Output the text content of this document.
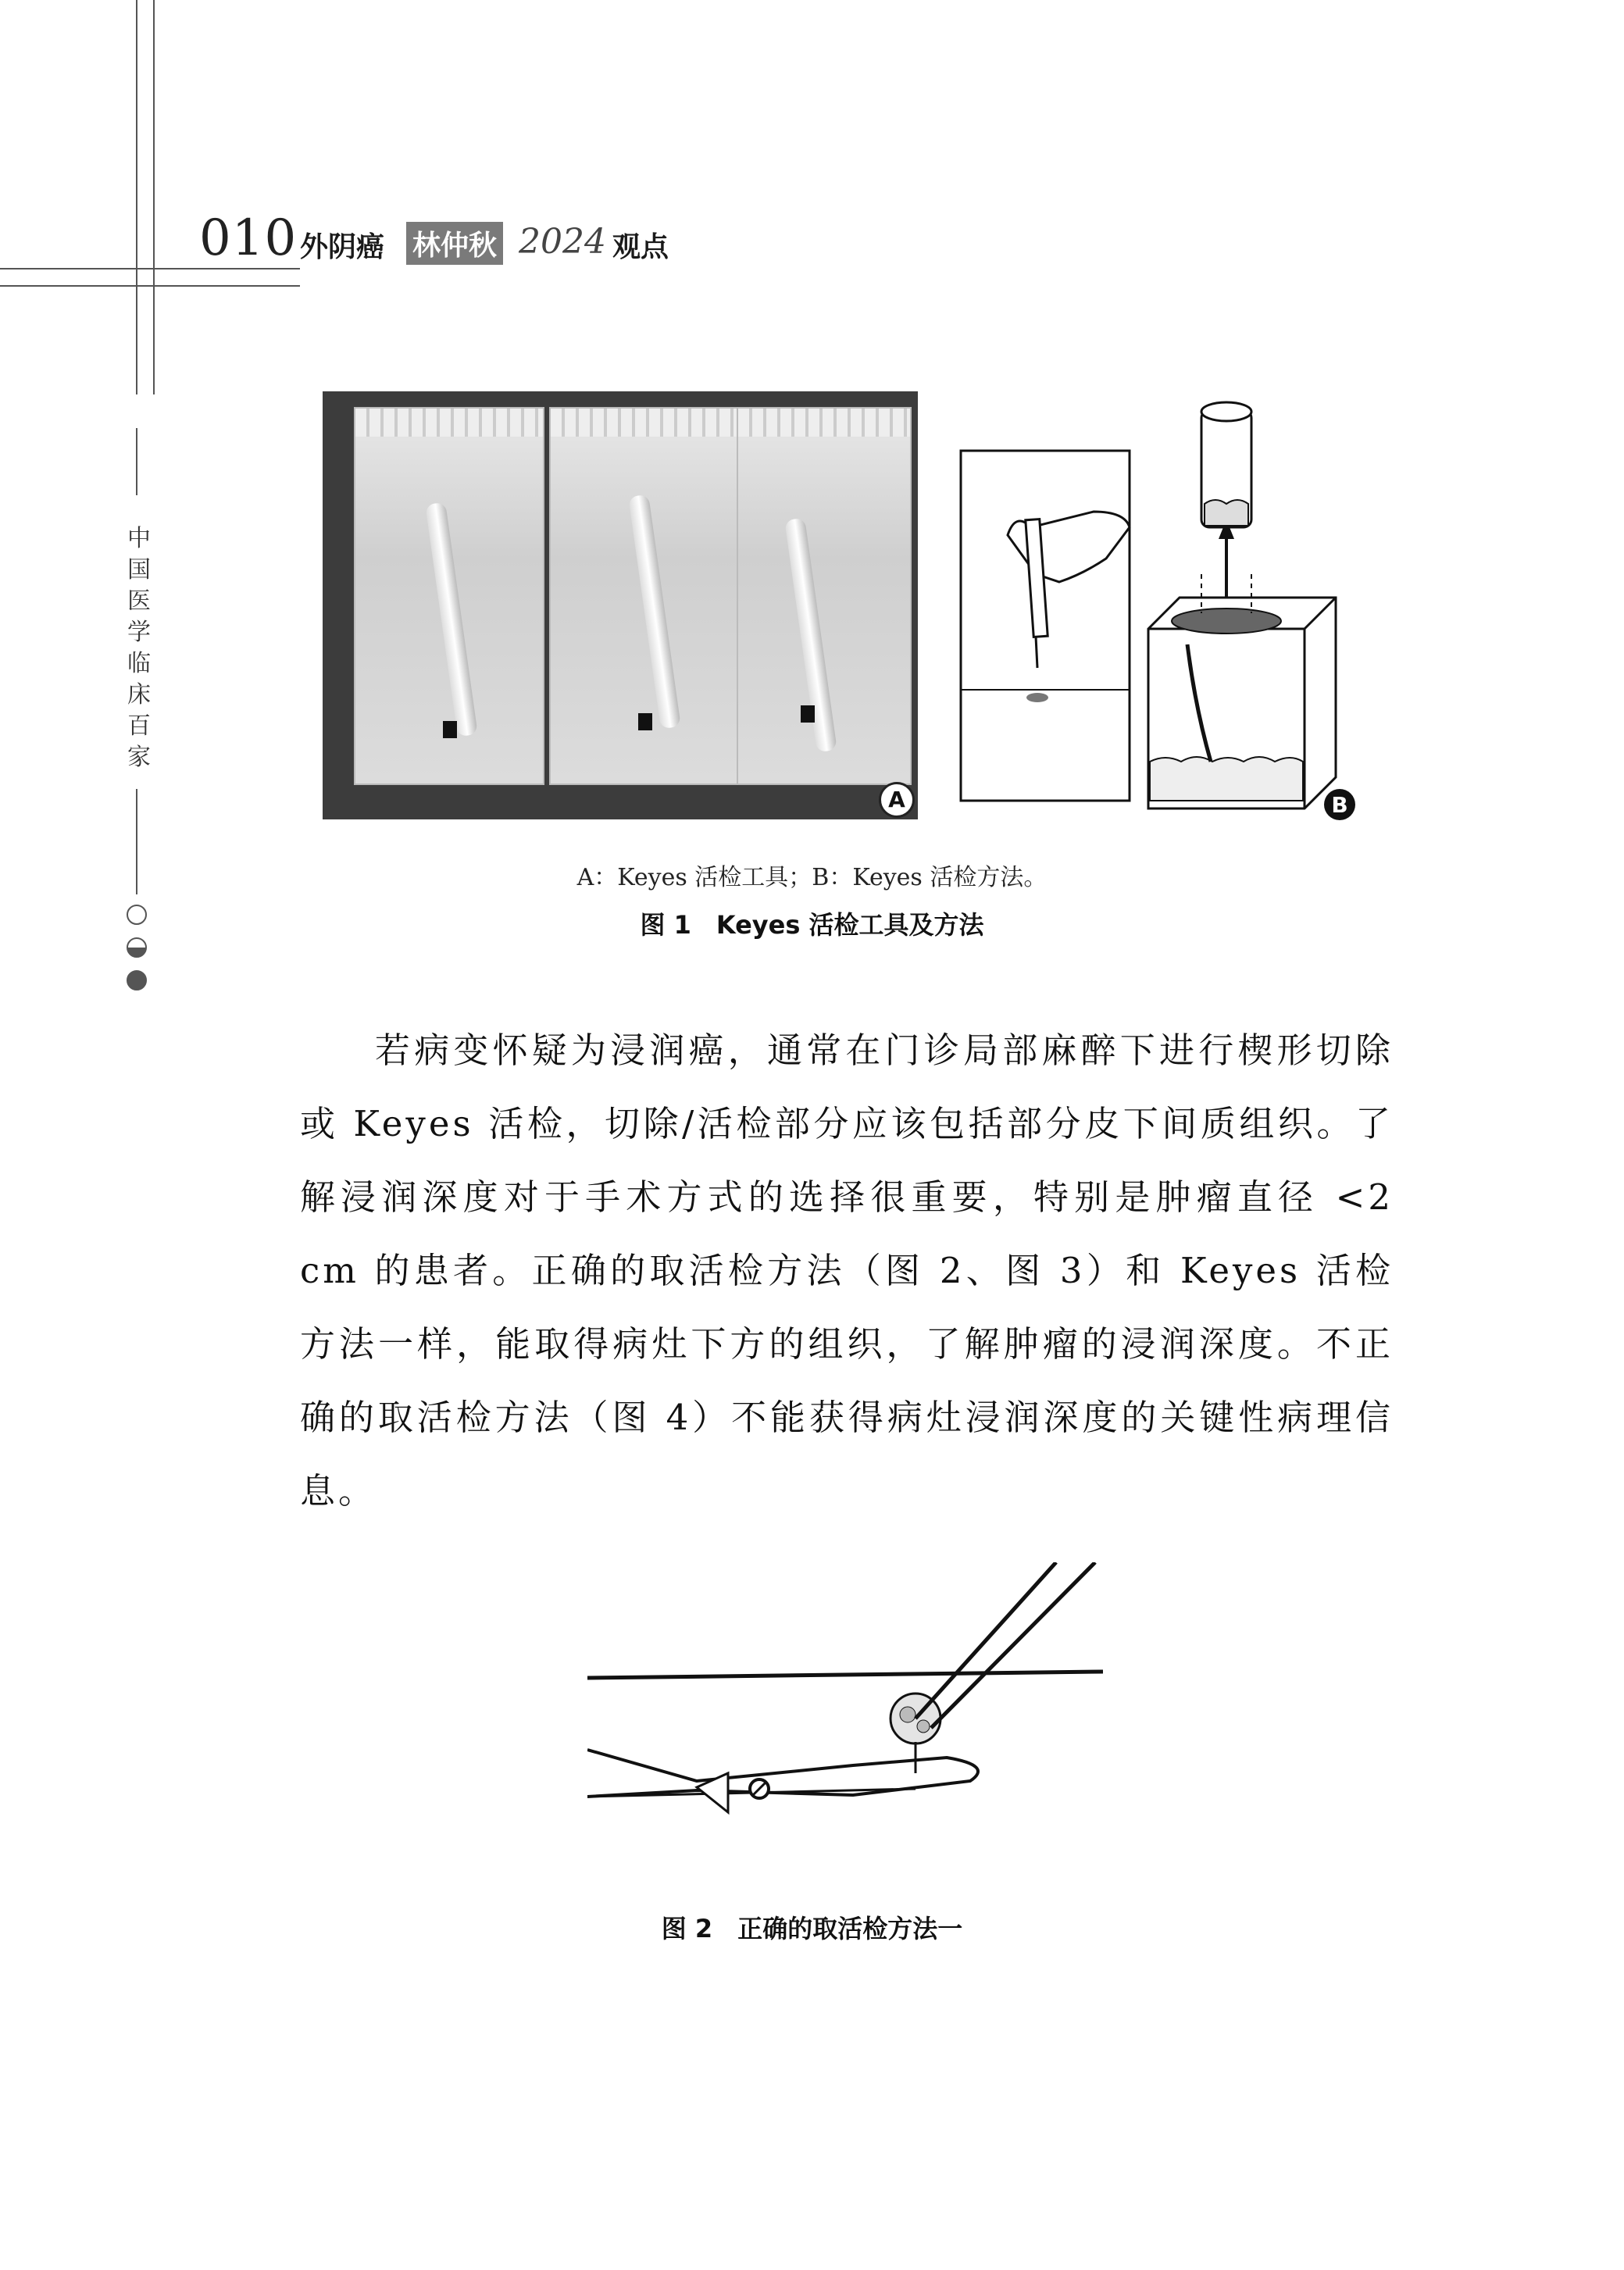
010 外阴癌 林仲秋 2024 观点
中国医学临床百家
A	B
A：Keyes 活检工具；B：Keyes 活检方法。
图 1　Keyes 活检工具及方法

若病变怀疑为浸润癌，通常在门诊局部麻醉下进行楔形切除或 Keyes 活检，切除/活检部分应该包括部分皮下间质组织。了解浸润深度对于手术方式的选择很重要，特别是肿瘤直径 <2 cm 的患者。正确的取活检方法（图 2、图 3）和 Keyes 活检方法一样，能取得病灶下方的组织，了解肿瘤的浸润深度。不正确的取活检方法（图 4）不能获得病灶浸润深度的关键性病理信息。

图 2　正确的取活检方法一
